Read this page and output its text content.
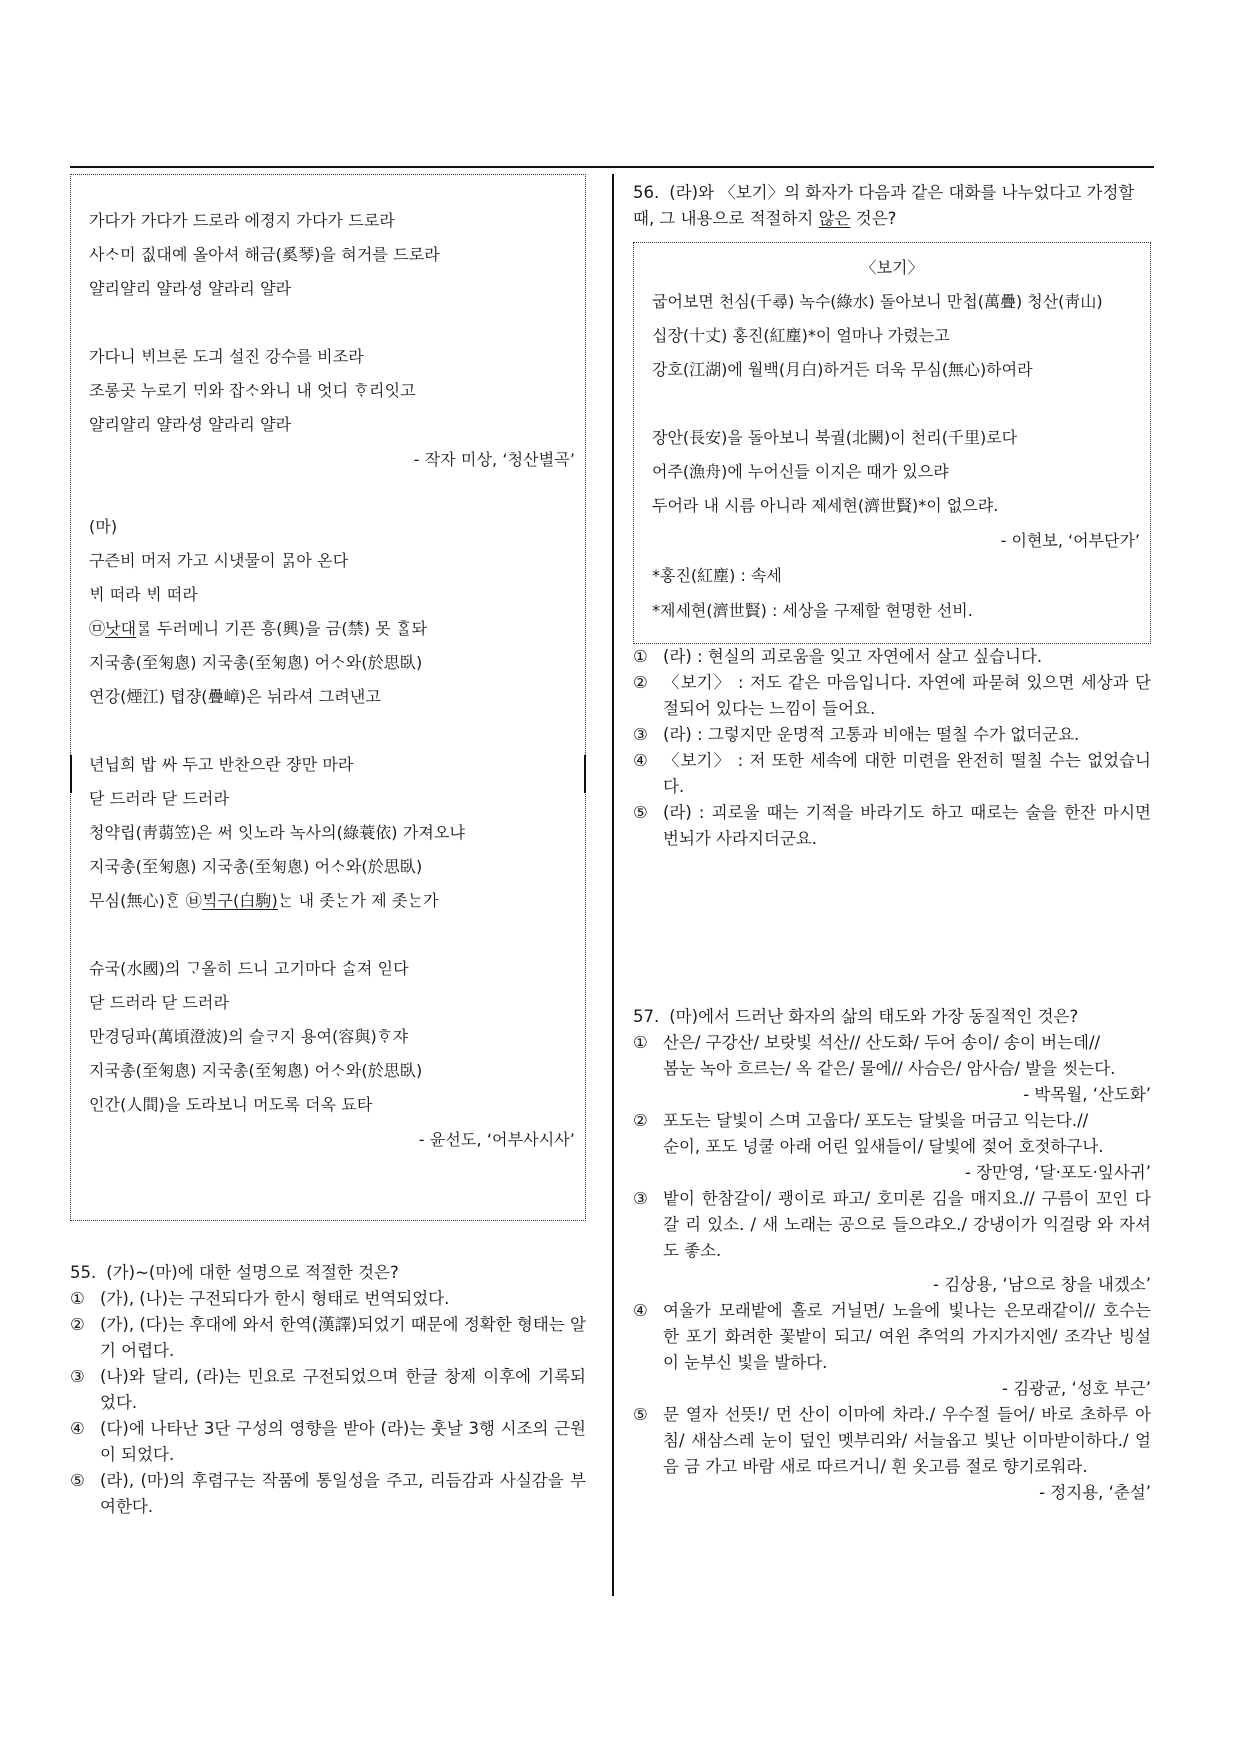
가다가 가다가 드로라 에졍지 가다가 드로라
사ᄉᆞ미 짒대예 올아셔 해금(奚琴)을 혀거를 드로라
얄리얄리 얄라셩 얄라리 얄라
가다니 ᄇᆡ브론 도긔 설진 강수를 비조라
조롱곳 누로기 ᄆᆡ와 잡ᄉᆞ와니 내 엇디 ᄒᆞ리잇고
얄리얄리 얄라셩 얄라리 얄라
- 작자 미상, ‘청산별곡’
(마)
구즌비 머저 가고 시냇물이 ᄆᆞᆰ아 온다
ᄇᆡ 떠라 ᄇᆡ 떠라
㉤낫대ᄅᆞᆯ 두러메니 기픈 흥(興)을 금(禁) 못 ᄒᆞᆯ돠
지국총(至匊悤) 지국총(至匊悤) 어ᄉᆞ와(於思臥)
연강(煙江) 텹쟝(疊嶂)은 뉘라셔 그려낸고
년닙희 밥 싸 두고 반찬으란 쟝만 마라
닫 드러라 닫 드러라
청약립(靑蒻笠)은 써 잇노라 녹사의(綠蓑依) 가져오냐
지국총(至匊悤) 지국총(至匊悤) 어ᄉᆞ와(於思臥)
무심(無心)ᄒᆞᆫ ㉥ᄇᆡᆨ구(白駒)ᄂᆞᆫ 내 좃ᄂᆞᆫ가 제 좃ᄂᆞᆫ가
슈국(水國)의 ᄀᆞ올히 드니 고기마다 ᄉᆞᆯ져 읻다
닫 드러라 닫 드러라
만경딩파(萬頃澄波)의 슬ᄏᆞ지 용여(容與)ᄒᆞ쟈
지국총(至匊悤) 지국총(至匊悤) 어ᄉᆞ와(於思臥)
인간(人間)을 도라보니 머도록 더옥 됴타
- 윤선도, ‘어부사시사’
55. (가)~(마)에 대한 설명으로 적절한 것은?
① (가), (나)는 구전되다가 한시 형태로 번역되었다.
② (가), (다)는 후대에 와서 한역(漢譯)되었기 때문에 정확한 형태는 알기 어렵다.
③ (나)와 달리, (라)는 민요로 구전되었으며 한글 창제 이후에 기록되었다.
④ (다)에 나타난 3단 구성의 영향을 받아 (라)는 훗날 3행 시조의 근원이 되었다.
⑤ (라), (마)의 후렴구는 작품에 통일성을 주고, 리듬감과 사실감을 부여한다.
56. (라)와 〈보기〉의 화자가 다음과 같은 대화를 나누었다고 가정할 때, 그 내용으로 적절하지 않은 것은?
〈보기〉
굽어보면 천심(千尋) 녹수(綠水) 돌아보니 만첩(萬疊) 청산(靑山)
십장(十丈) 홍진(紅塵)*이 얼마나 가렸는고
강호(江湖)에 월백(月白)하거든 더욱 무심(無心)하여라
장안(長安)을 돌아보니 북궐(北闕)이 천리(千里)로다
어주(漁舟)에 누어신들 이지은 때가 있으랴
두어라 내 시름 아니라 제세현(濟世賢)*이 없으랴.
- 이현보, ‘어부단가’
*홍진(紅塵) : 속세
*제세현(濟世賢) : 세상을 구제할 현명한 선비.
① (라) : 현실의 괴로움을 잊고 자연에서 살고 싶습니다.
② 〈보기〉 : 저도 같은 마음입니다. 자연에 파묻혀 있으면 세상과 단절되어 있다는 느낌이 들어요.
③ (라) : 그렇지만 운명적 고통과 비애는 떨칠 수가 없더군요.
④ 〈보기〉 : 저 또한 세속에 대한 미련을 완전히 떨칠 수는 없었습니다.
⑤ (라) : 괴로울 때는 기적을 바라기도 하고 때로는 술을 한잔 마시면 번뇌가 사라지더군요.
57. (마)에서 드러난 화자의 삶의 태도와 가장 동질적인 것은?
① 산은/ 구강산/ 보랏빛 석산// 산도화/ 두어 송이/ 송이 버는데//
봄눈 녹아 흐르는/ 옥 같은/ 물에// 사슴은/ 암사슴/ 발을 씻는다.
- 박목월, ‘산도화’
② 포도는 달빛이 스며 고웁다/ 포도는 달빛을 머금고 익는다.//
순이, 포도 넝쿨 아래 어린 잎새들이/ 달빛에 젖어 호젓하구나.
- 장만영, ‘달·포도·잎사귀’
③ 밭이 한참갈이/ 괭이로 파고/ 호미론 김을 매지요.// 구름이 꼬인 다 갈 리 있소. / 새 노래는 공으로 들으랴오./ 강냉이가 익걸랑 와 자셔도 좋소.
- 김상용, ‘남으로 창을 내겠소’
④ 여울가 모래밭에 홀로 거닐면/ 노을에 빛나는 은모래같이// 호수는 한 포기 화려한 꽃밭이 되고/ 여윈 추억의 가지가지엔/ 조각난 빙설이 눈부신 빛을 발하다.
- 김광균, ‘성호 부근’
⑤ 문 열자 선뜻!/ 먼 산이 이마에 차라./ 우수절 들어/ 바로 초하루 아침/ 새삼스레 눈이 덮인 멧부리와/ 서늘옵고 빛난 이마받이하다./ 얼음 금 가고 바람 새로 따르거니/ 흰 옷고름 절로 향기로워라.
- 정지용, ‘춘설’
